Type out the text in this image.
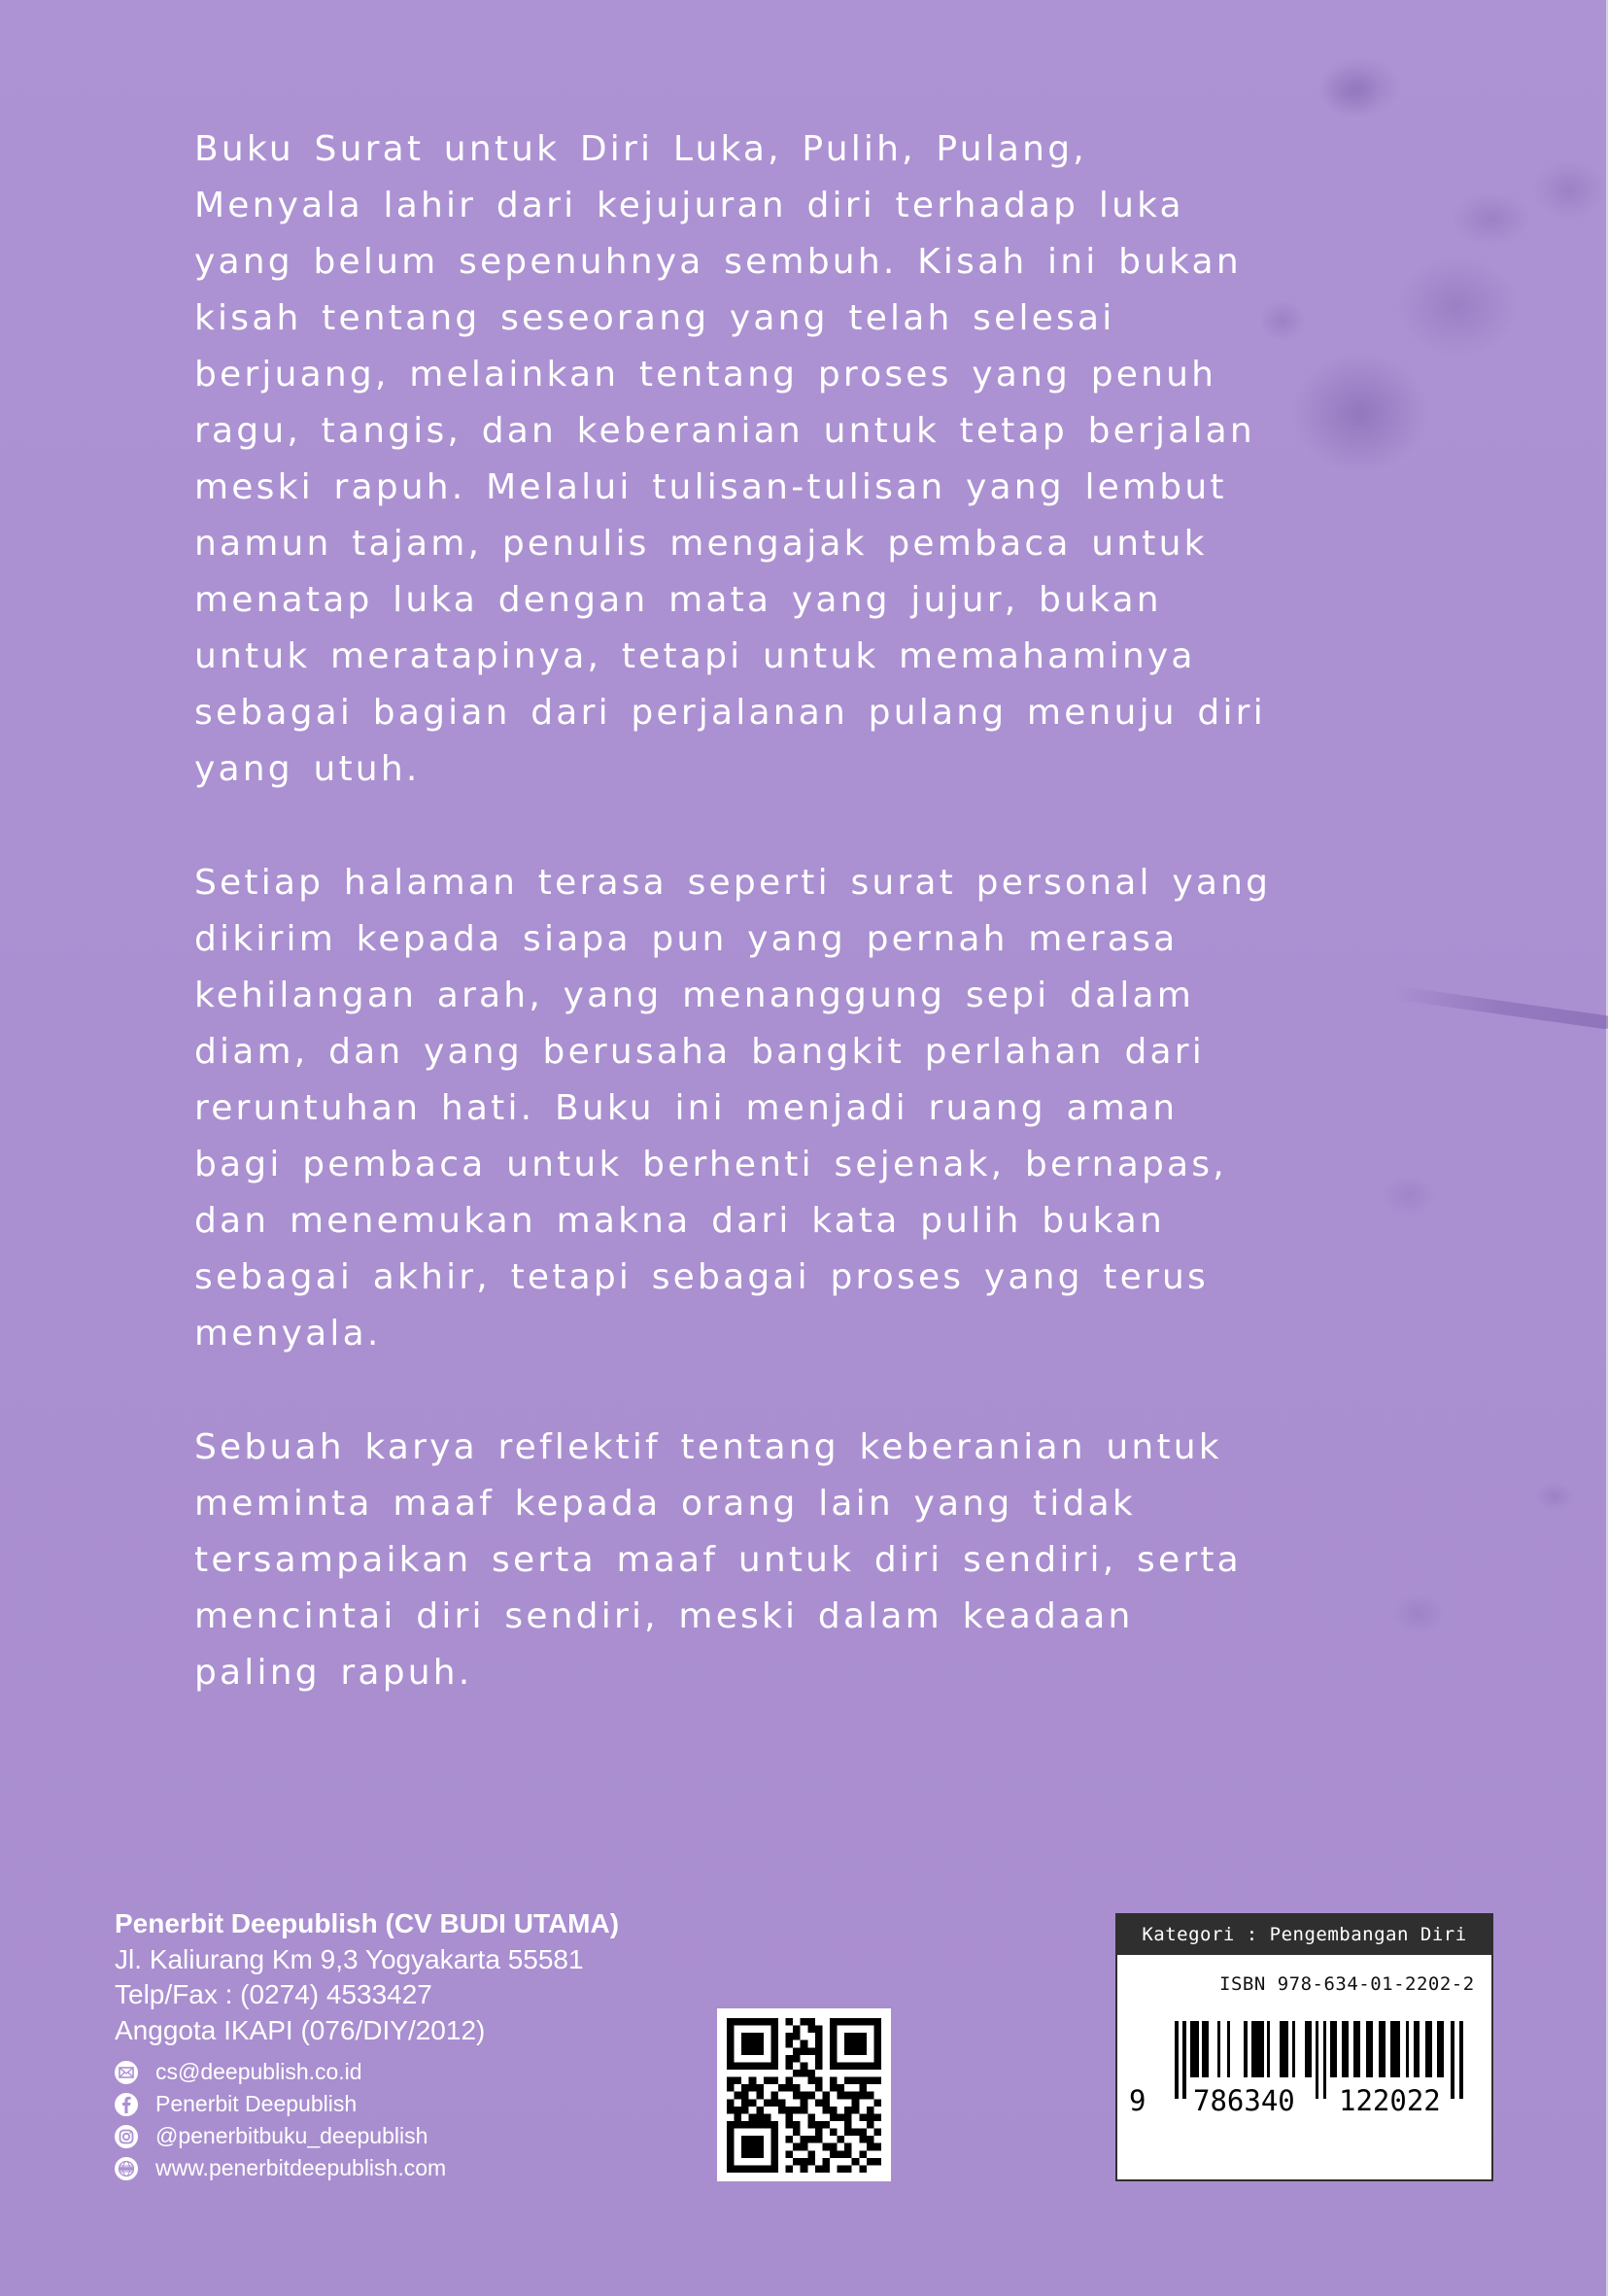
Buku Surat untuk Diri Luka, Pulih, Pulang,
Menyala lahir dari kejujuran diri terhadap luka
yang belum sepenuhnya sembuh. Kisah ini bukan
kisah tentang seseorang yang telah selesai
berjuang, melainkan tentang proses yang penuh
ragu, tangis, dan keberanian untuk tetap berjalan
meski rapuh. Melalui tulisan-tulisan yang lembut
namun tajam, penulis mengajak pembaca untuk
menatap luka dengan mata yang jujur, bukan
untuk meratapinya, tetapi untuk memahaminya
sebagai bagian dari perjalanan pulang menuju diri
yang utuh.
Setiap halaman terasa seperti surat personal yang
dikirim kepada siapa pun yang pernah merasa
kehilangan arah, yang menanggung sepi dalam
diam, dan yang berusaha bangkit perlahan dari
reruntuhan hati. Buku ini menjadi ruang aman
bagi pembaca untuk berhenti sejenak, bernapas,
dan menemukan makna dari kata pulih bukan
sebagai akhir, tetapi sebagai proses yang terus
menyala.
Sebuah karya reflektif tentang keberanian untuk
meminta maaf kepada orang lain yang tidak
tersampaikan serta maaf untuk diri sendiri, serta
mencintai diri sendiri, meski dalam keadaan
paling rapuh.
Penerbit Deepublish (CV BUDI UTAMA)
Jl. Kaliurang Km 9,3 Yogyakarta 55581
Telp/Fax : (0274) 4533427
Anggota IKAPI (076/DIY/2012)
cs@deepublish.co.id
Penerbit Deepublish
@penerbitbuku_deepublish
www.penerbitdeepublish.com
Kategori : Pengembangan Diri
ISBN 978-634-01-2202-2
9 786340 122022
